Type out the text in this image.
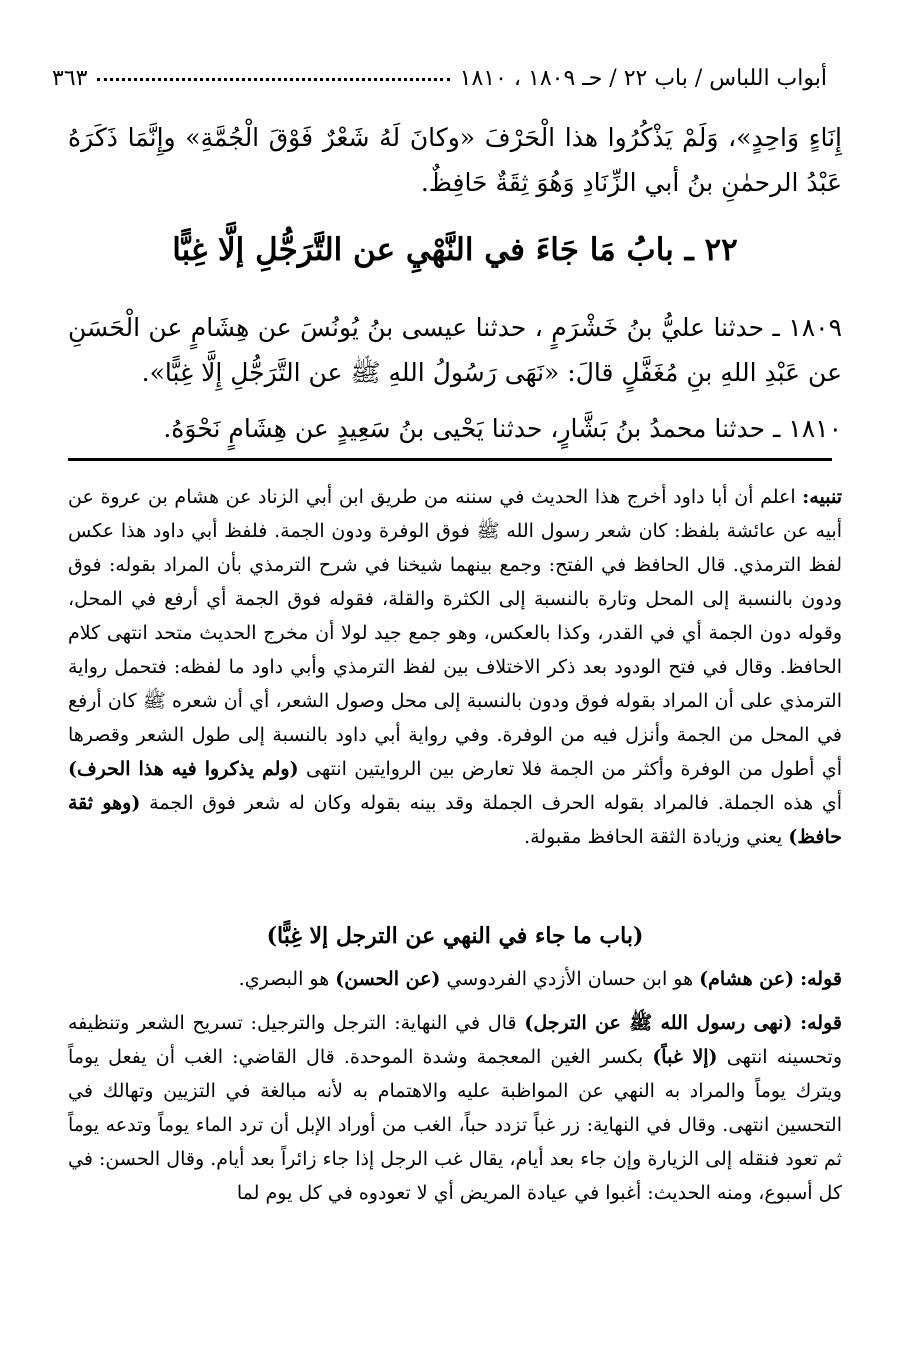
أبواب اللباس / باب ٢٢ / حـ ١٨٠٩ ، ١٨١٠
٣٦٣
إِنَاءٍ وَاحِدٍ»، وَلَمْ يَذْكُرُوا هذا الْحَرْفَ «وكانَ لَهُ شَعْرٌ فَوْقَ الْجُمَّةِ» وإِنَّمَا ذَكَرَهُ عَبْدُ الرحمٰنِ بنُ أبي الزِّنَادِ وَهُوَ ثِقَةٌ حَافِظٌ.
٢٢ ـ بابُ مَا جَاءَ في النَّهْيِ عن التَّرَجُّلِ إلَّا غِبًّا
١٨٠٩ ـ حدثنا عليُّ بنُ خَشْرَمٍ ، حدثنا عيسى بنُ يُونُسَ عن هِشَامٍ عن الْحَسَنِ عن عَبْدِ اللهِ بنِ مُغَفَّلٍ قالَ: «نَهَى رَسُولُ اللهِ ﷺ عن التَّرَجُّلِ إِلَّا غِبًّا».
١٨١٠ ـ حدثنا محمدُ بنُ بَشَّارٍ، حدثنا يَحْيى بنُ سَعِيدٍ عن هِشَامٍ نَحْوَهُ.

تنبيه: اعلم أن أبا داود أخرج هذا الحديث في سننه من طريق ابن أبي الزناد عن هشام بن عروة عن أبيه عن عائشة بلفظ: كان شعر رسول الله ﷺ فوق الوفرة ودون الجمة. فلفظ أبي داود هذا عكس لفظ الترمذي. قال الحافظ في الفتح: وجمع بينهما شيخنا في شرح الترمذي بأن المراد بقوله: فوق ودون بالنسبة إلى المحل وتارة بالنسبة إلى الكثرة والقلة، فقوله فوق الجمة أي أرفع في المحل، وقوله دون الجمة أي في القدر، وكذا بالعكس، وهو جمع جيد لولا أن مخرج الحديث متحد انتهى كلام الحافظ. وقال في فتح الودود بعد ذكر الاختلاف بين لفظ الترمذي وأبي داود ما لفظه: فتحمل رواية الترمذي على أن المراد بقوله فوق ودون بالنسبة إلى محل وصول الشعر، أي أن شعره ﷺ كان أرفع في المحل من الجمة وأنزل فيه من الوفرة. وفي رواية أبي داود بالنسبة إلى طول الشعر وقصرها أي أطول من الوفرة وأكثر من الجمة فلا تعارض بين الروايتين انتهى (ولم يذكروا فيه هذا الحرف) أي هذه الجملة. فالمراد بقوله الحرف الجملة وقد بينه بقوله وكان له شعر فوق الجمة (وهو ثقة حافظ) يعني وزيادة الثقة الحافظ مقبولة.

(باب ما جاء في النهي عن الترجل إلا غِبًّا)

قوله: (عن هشام) هو ابن حسان الأزدي الفردوسي (عن الحسن) هو البصري.

قوله: (نهى رسول الله ﷺ عن الترجل) قال في النهاية: الترجل والترجيل: تسريح الشعر وتنظيفه وتحسينه انتهى (إلا غباً) بكسر الغين المعجمة وشدة الموحدة. قال القاضي: الغب أن يفعل يوماً ويترك يوماً والمراد به النهي عن المواظبة عليه والاهتمام به لأنه مبالغة في التزيين وتهالك في التحسين انتهى. وقال في النهاية: زر غباً تزدد حباً، الغب من أوراد الإبل أن ترد الماء يوماً وتدعه يوماً ثم تعود فنقله إلى الزيارة وإن جاء بعد أيام، يقال غب الرجل إذا جاء زائراً بعد أيام. وقال الحسن: في كل أسبوع، ومنه الحديث: أغبوا في عيادة المريض أي لا تعودوه في كل يوم لما
